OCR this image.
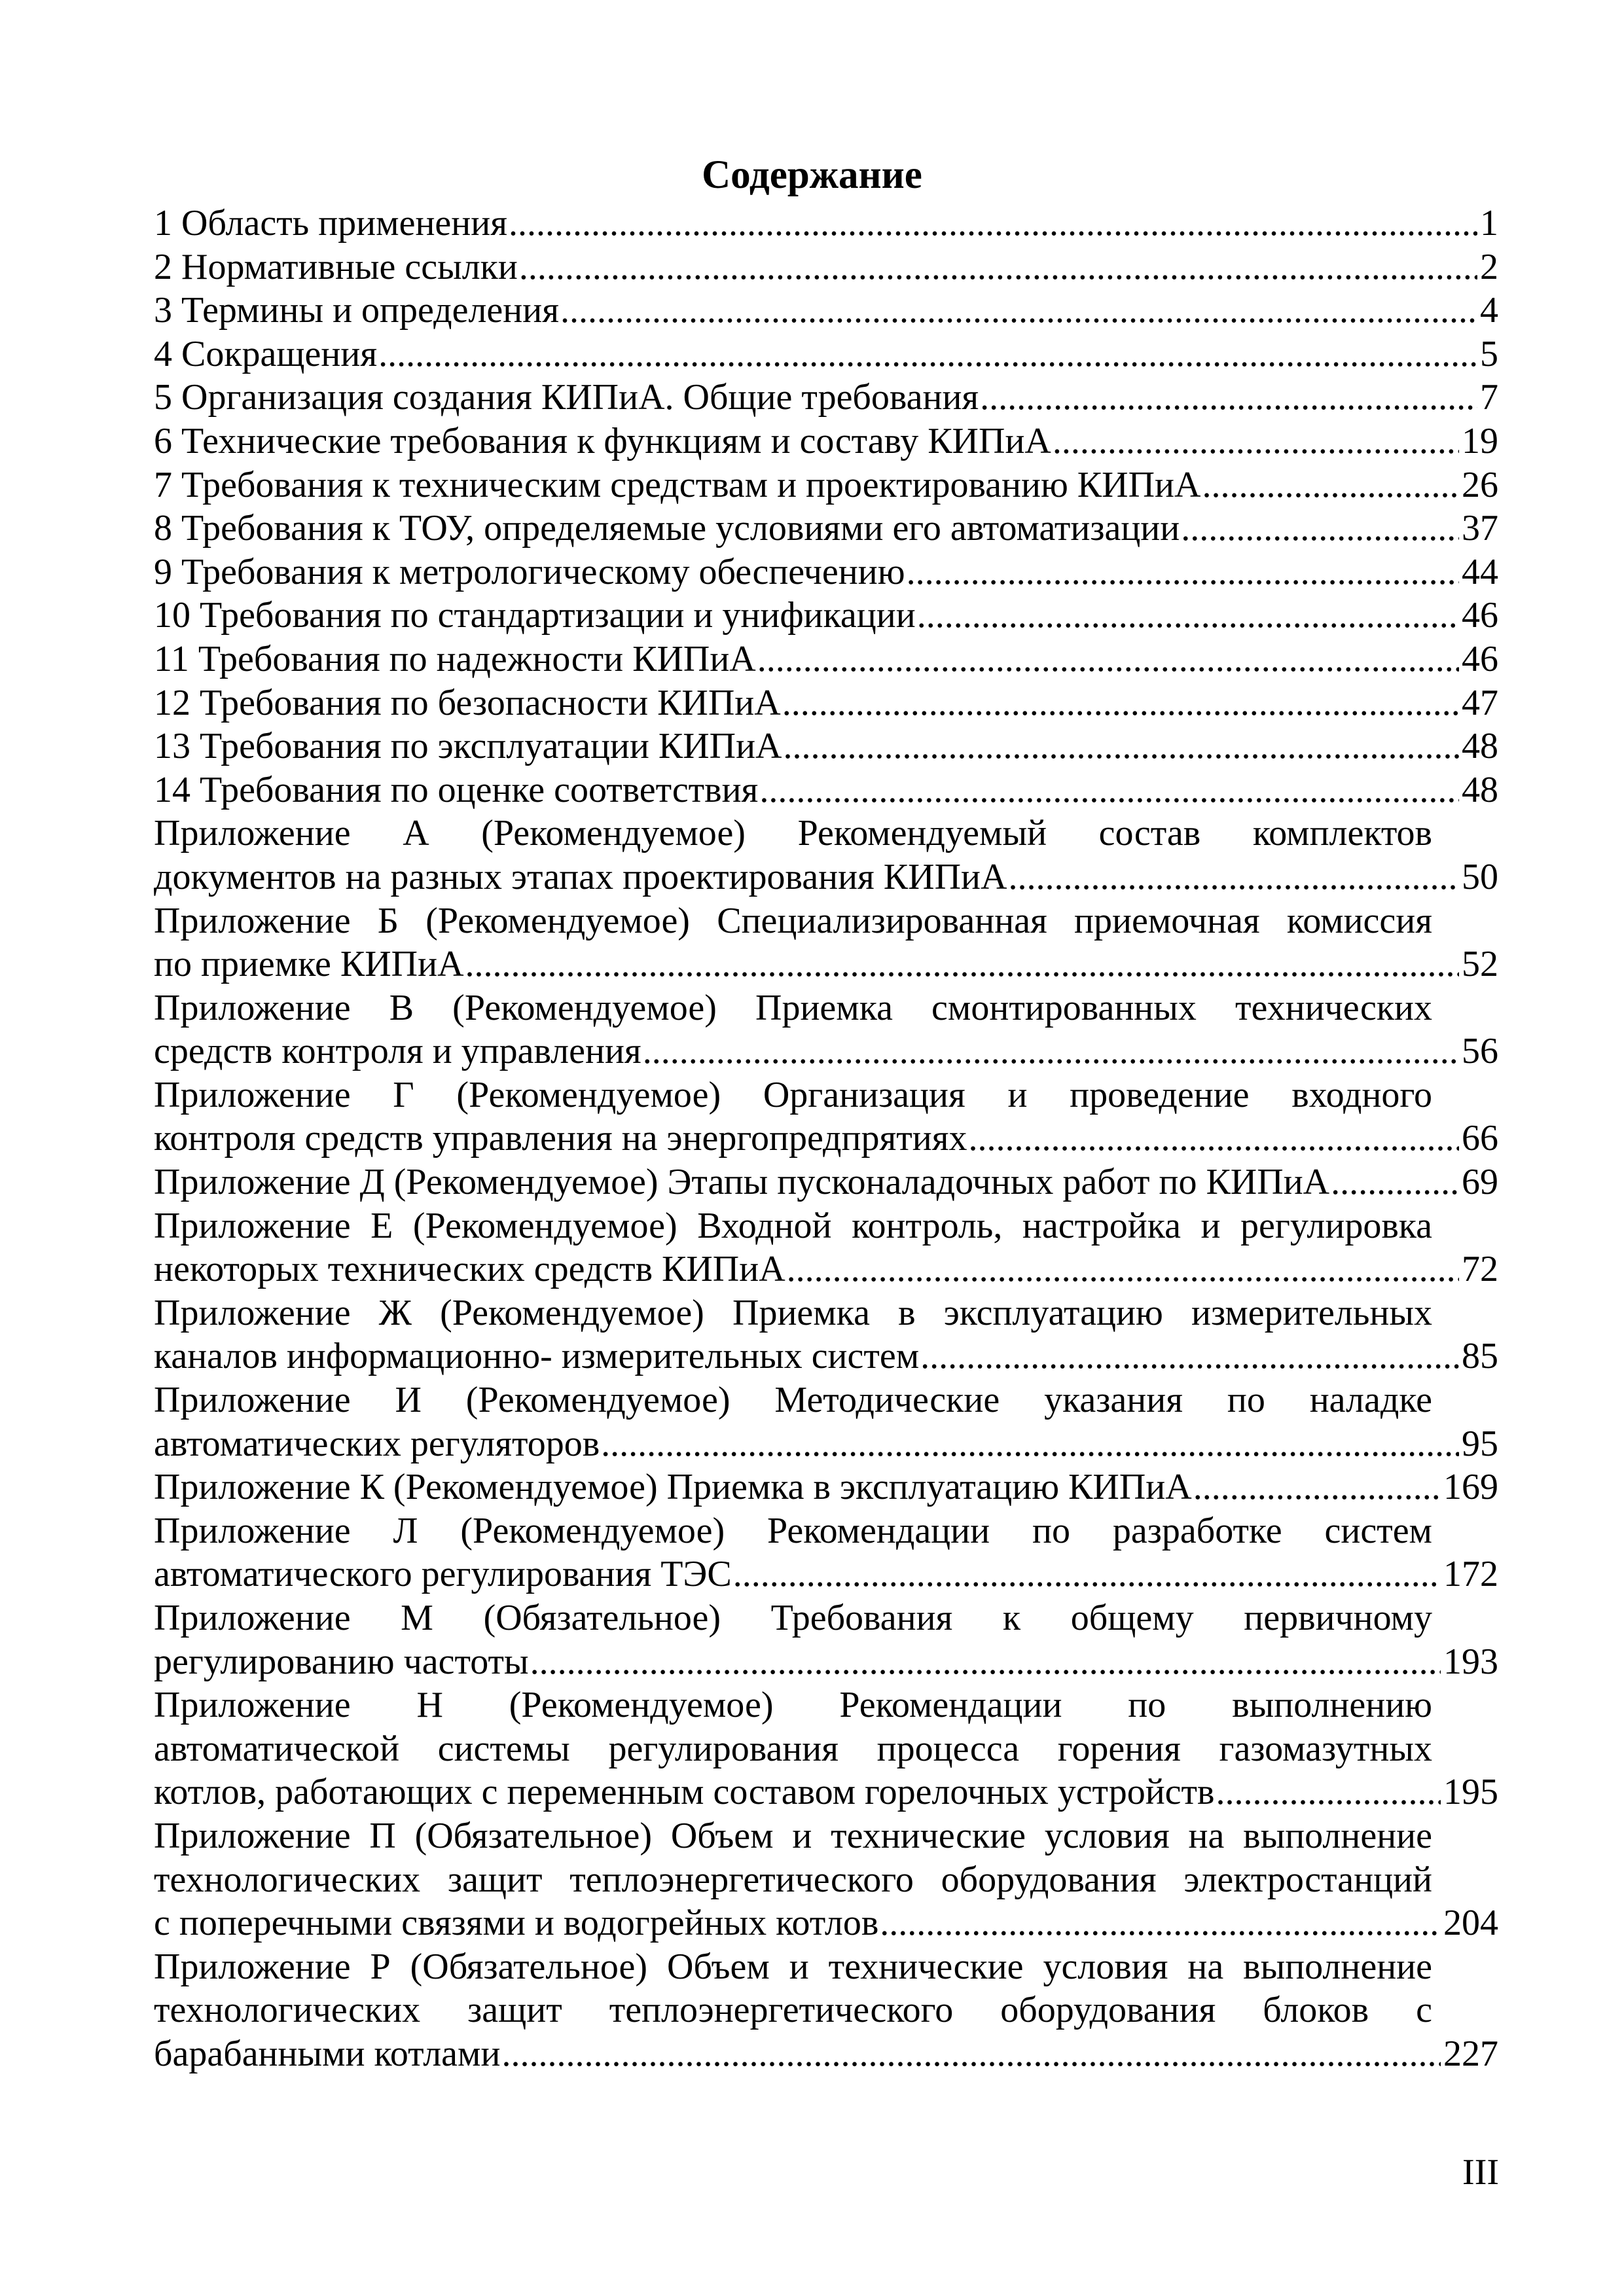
Содержание
1 Область применения .....	1
2 Нормативные ссылки .....	2
3 Термины и определения .....	4
4 Сокращения .....	5
5 Организация создания КИПиА. Общие требования .....	7
6 Технические требования к функциям и составу КИПиА .....	19
7 Требования к техническим средствам и проектированию КИПиА .....	26
8 Требования к ТОУ, определяемые условиями его автоматизации .....	37
9 Требования к метрологическому обеспечению .....	44
10 Требования по стандартизации и унификации .....	46
11 Требования по надежности КИПиА .....	46
12 Требования по безопасности КИПиА .....	47
13 Требования по эксплуатации КИПиА .....	48
14 Требования по оценке соответствия .....	48
Приложение А (Рекомендуемое) Рекомендуемый состав комплектов
документов на разных этапах проектирования КИПиА .....	50
Приложение Б (Рекомендуемое) Специализированная приемочная комиссия
по приемке КИПиА .....	52
Приложение В (Рекомендуемое) Приемка смонтированных технических
средств контроля и управления .....	56
Приложение Г (Рекомендуемое) Организация и проведение входного
контроля средств управления на энергопредпрятиях .....	66
Приложение Д (Рекомендуемое) Этапы пусконаладочных работ по КИПиА .....	69
Приложение Е (Рекомендуемое) Входной контроль, настройка и регулировка
некоторых технических средств КИПиА .....	72
Приложение Ж (Рекомендуемое) Приемка в эксплуатацию измерительных
каналов информационно- измерительных систем .....	85
Приложение И (Рекомендуемое) Методические указания по наладке
автоматических регуляторов .....	95
Приложение К (Рекомендуемое) Приемка в эксплуатацию КИПиА .....	169
Приложение Л (Рекомендуемое) Рекомендации по разработке систем
автоматического регулирования ТЭС .....	172
Приложение М (Обязательное) Требования к общему первичному
регулированию частоты .....	193
Приложение Н (Рекомендуемое) Рекомендации по выполнению
автоматической системы регулирования процесса горения газомазутных
котлов, работающих с переменным составом горелочных устройств .....	195
Приложение П (Обязательное) Объем и технические условия на выполнение
технологических защит теплоэнергетического оборудования электростанций
с поперечными связями и водогрейных котлов .....	204
Приложение Р (Обязательное) Объем и технические условия на выполнение
технологических защит теплоэнергетического оборудования блоков с
барабанными котлами .....	227
III
